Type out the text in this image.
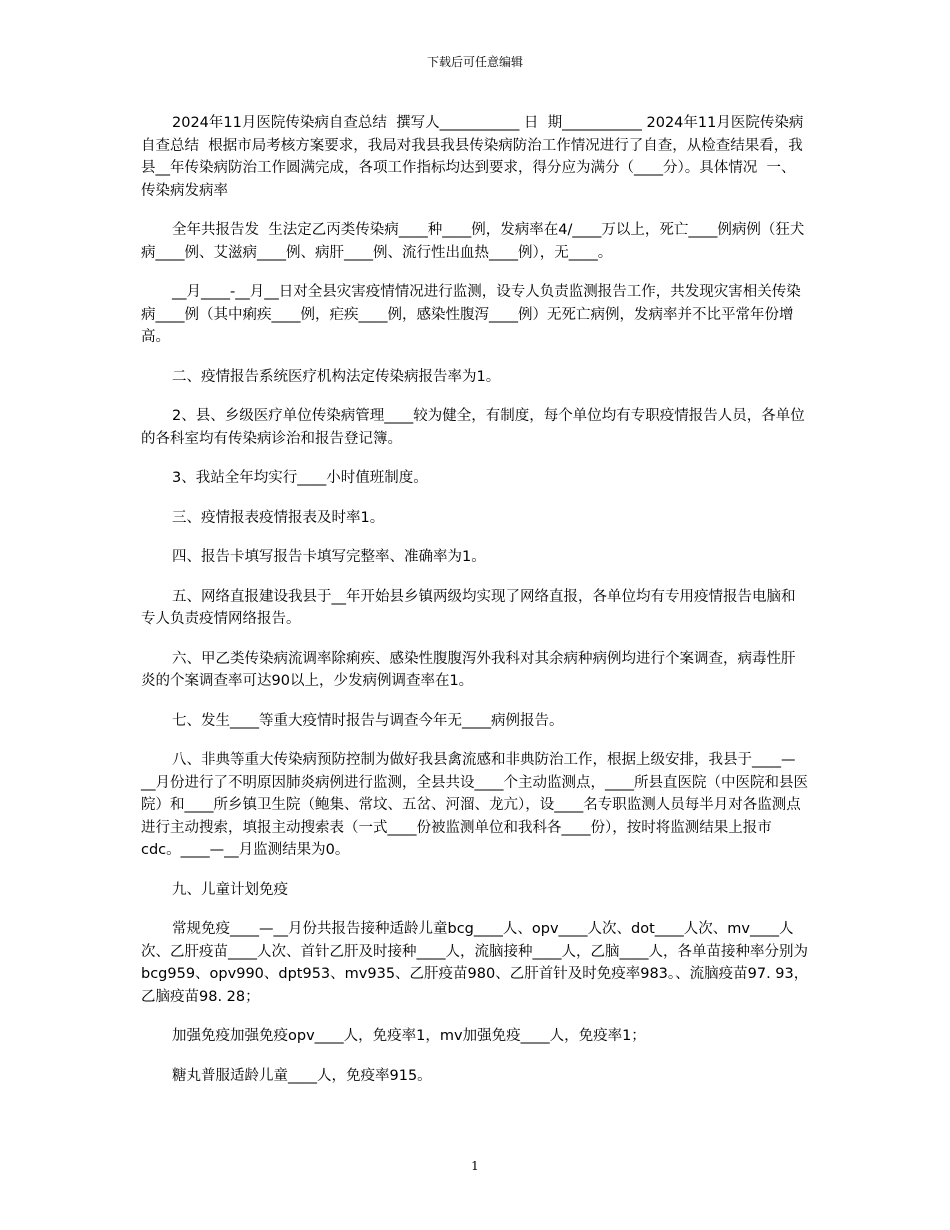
下载后可任意编辑

2024年11月医院传染病自查总结  撰写人___________ 日  期___________ 2024年11月医院传染病自查总结  根据市局考核方案要求，我局对我县我县传染病防治工作情况进行了自查，从检查结果看，我县__年传染病防治工作圆满完成，各项工作指标均达到要求，得分应为满分（____分）。具体情况  一、传染病发病率

全年共报告发  生法定乙丙类传染病____种____例，发病率在4/____万以上，死亡____例病例（狂犬病____例、艾滋病____例、病肝____例、流行性出血热____例），无____。

__月____-__月__日对全县灾害疫情情况进行监测，设专人负责监测报告工作，共发现灾害相关传染病____例（其中痢疾____例，疟疾____例，感染性腹泻____例）无死亡病例，发病率并不比平常年份增高。

二、疫情报告系统医疗机构法定传染病报告率为1。

2、县、乡级医疗单位传染病管理____较为健全，有制度，每个单位均有专职疫情报告人员，各单位的各科室均有传染病诊治和报告登记簿。

3、我站全年均实行____小时值班制度。

三、疫情报表疫情报表及时率1。

四、报告卡填写报告卡填写完整率、准确率为1。

五、网络直报建设我县于__年开始县乡镇两级均实现了网络直报，各单位均有专用疫情报告电脑和专人负责疫情网络报告。

六、甲乙类传染病流调率除痢疾、感染性腹腹泻外我科对其余病种病例均进行个案调查，病毒性肝炎的个案调查率可达90以上，少发病例调查率在1。

七、发生____等重大疫情时报告与调查今年无____病例报告。

八、非典等重大传染病预防控制为做好我县禽流感和非典防治工作，根据上级安排，我县于____—__月份进行了不明原因肺炎病例进行监测，全县共设____个主动监测点，____所县直医院（中医院和县医院）和____所乡镇卫生院（鲍集、常坟、五岔、河溜、龙亢），设____名专职监测人员每半月对各监测点进行主动搜索，填报主动搜索表（一式____份被监测单位和我科各____份），按时将监测结果上报市cdc。____—__月监测结果为0。

九、儿童计划免疫

常规免疫____—__月份共报告接种适龄儿童bcg____人、opv____人次、dot____人次、mv____人次、乙肝疫苗____人次、首针乙肝及时接种____人，流脑接种____人，乙脑____人，各单苗接种率分别为bcg959、opv990、dpt953、mv935、乙肝疫苗980、乙肝首针及时免疫率983。、流脑疫苗97. 93，乙脑疫苗98. 28；

加强免疫加强免疫opv____人，免疫率1，mv加强免疫____人，免疫率1；

糖丸普服适龄儿童____人，免疫率915。

1
